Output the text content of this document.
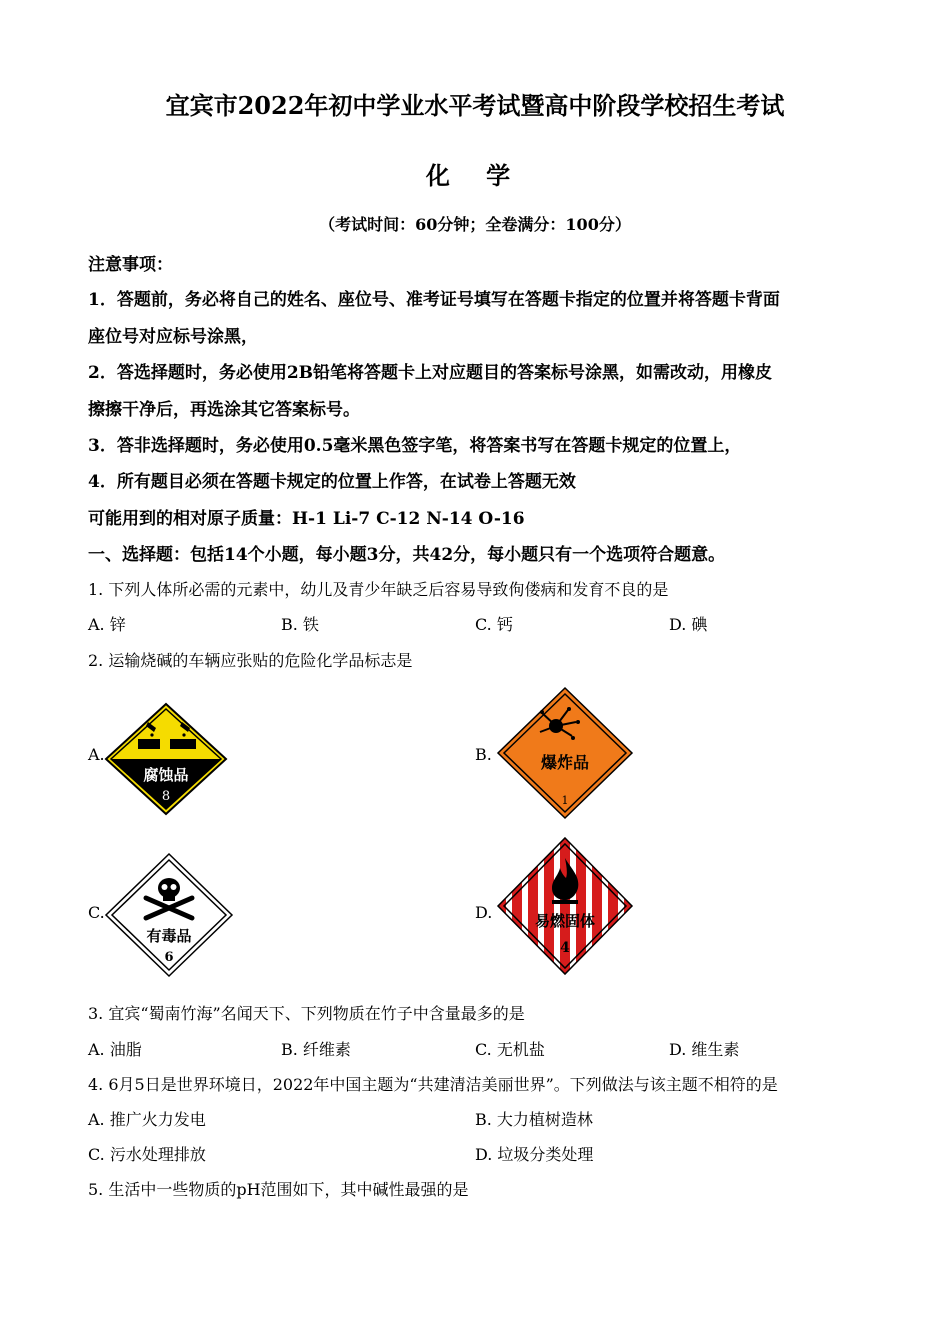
宜宾市2022年初中学业水平考试暨高中阶段学校招生考试
化 学
（考试时间：60分钟；全卷满分：100分）
注意事项：
1．答题前，务必将自己的姓名、座位号、准考证号填写在答题卡指定的位置并将答题卡背面
座位号对应标号涂黑，
2．答选择题时，务必使用2B铅笔将答题卡上对应题目的答案标号涂黑，如需改动，用橡皮
擦擦干净后，再选涂其它答案标号。
3．答非选择题时，务必使用0.5毫米黑色签字笔，将答案书写在答题卡规定的位置上，
4．所有题目必须在答题卡规定的位置上作答，在试卷上答题无效
可能用到的相对原子质量：H-1 Li-7 C-12 N-14 O-16
一、选择题：包括14个小题，每小题3分，共42分，每小题只有一个选项符合题意。
1. 下列人体所必需的元素中，幼儿及青少年缺乏后容易导致佝偻病和发育不良的是
A. 锌	B. 铁	C. 钙	D. 碘
2. 运输烧碱的车辆应张贴的危险化学品标志是
A.
腐蚀品
8
B.	爆炸品
1
C.
有毒品
6
D.	易燃固体
4
3. 宜宾“蜀南竹海”名闻天下、下列物质在竹子中含量最多的是
A. 油脂	B. 纤维素	C. 无机盐	D. 维生素
4. 6月5日是世界环境日，2022年中国主题为“共建清洁美丽世界”。下列做法与该主题不相符的是
A. 推广火力发电	B. 大力植树造林
C. 污水处理排放	D. 垃圾分类处理
5. 生活中一些物质的pH范围如下，其中碱性最强的是
